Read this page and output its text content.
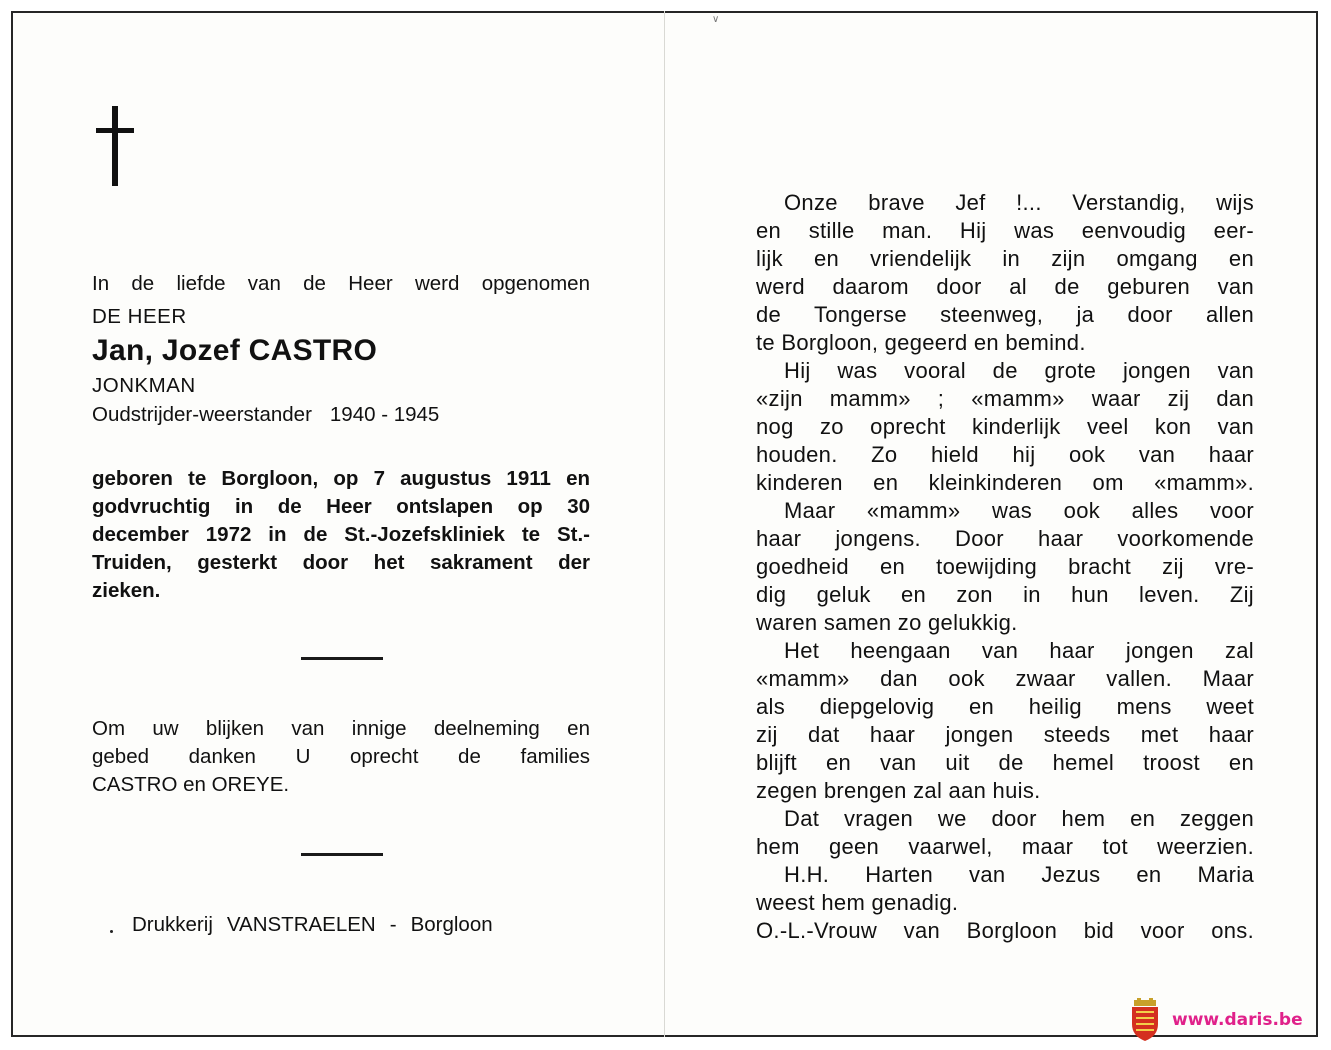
∨
In de liefde van de Heer werd opgenomen
DE HEER
Jan, Jozef CASTRO
JONKMAN
Oudstrijder-weerstander 1940 - 1945
geboren te Borgloon, op 7 augustus 1911 en
godvruchtig in de Heer ontslapen op 30
december 1972 in de St.-Jozefskliniek te St.-
Truiden, gesterkt door het sakrament der
zieken.
Om uw blijken van innige deelneming en
gebed danken U oprecht de families
CASTRO en OREYE.
Drukkerij VANSTRAELEN - Borgloon
Onze brave Jef !... Verstandig, wijs
en stille man. Hij was eenvoudig eer-
lijk en vriendelijk in zijn omgang en
werd daarom door al de geburen van
de Tongerse steenweg, ja door allen
te Borgloon, gegeerd en bemind.
Hij was vooral de grote jongen van
«zijn mamm» ; «mamm» waar zij dan
nog zo oprecht kinderlijk veel kon van
houden. Zo hield hij ook van haar
kinderen en kleinkinderen om «mamm».
Maar «mamm» was ook alles voor
haar jongens. Door haar voorkomende
goedheid en toewijding bracht zij vre-
dig geluk en zon in hun leven. Zij
waren samen zo gelukkig.
Het heengaan van haar jongen zal
«mamm» dan ook zwaar vallen. Maar
als diepgelovig en heilig mens weet
zij dat haar jongen steeds met haar
blijft en van uit de hemel troost en
zegen brengen zal aan huis.
Dat vragen we door hem en zeggen
hem geen vaarwel, maar tot weerzien.
H.H. Harten van Jezus en Maria
weest hem genadig.
O.-L.-Vrouw van Borgloon bid voor ons.
www.daris.be
